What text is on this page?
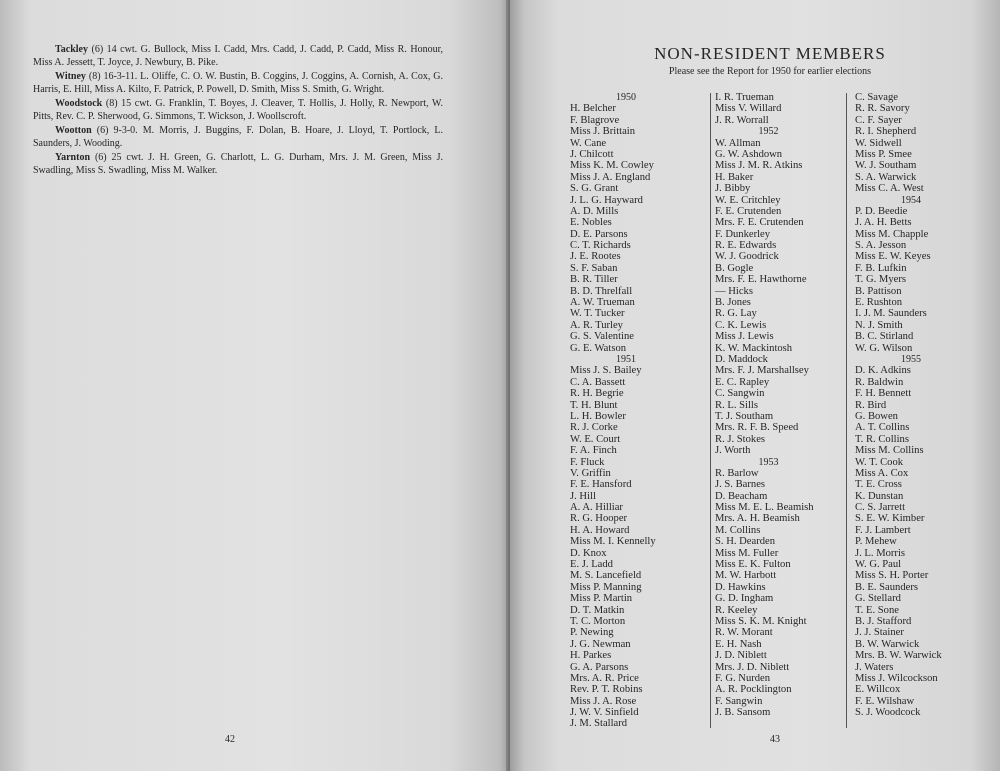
Tackley (6) 14 cwt. G. Bullock, Miss I. Cadd, Mrs. Cadd, J. Cadd, P. Cadd, Miss R. Honour, Miss A. Jessett, T. Joyce, J. Newbury, B. Pike.

Witney (8) 16-3-11. L. Oliffe, C. O. W. Bustin, B. Coggins, J. Coggins, A. Cornish, A. Cox, G. Harris, E. Hill, Miss A. Kilto, F. Patrick, P. Powell, D. Smith, Miss S. Smith, G. Wright.

Woodstock (8) 15 cwt. G. Franklin, T. Boyes, J. Cleaver, T. Hollis, J. Holly, R. Newport, W. Pitts, Rev. C. P. Sherwood, G. Simmons, T. Wickson, J. Woollscroft.

Wootton (6) 9-3-0. M. Morris, J. Buggins, F. Dolan, B. Hoare, J. Lloyd, T. Portlock, L. Saunders, J. Wooding.

Yarnton (6) 25 cwt. J. H. Green, G. Charlott, L. G. Durham, Mrs. J. M. Green, Miss J. Swadling, Miss S. Swadling, Miss M. Walker.

42
NON-RESIDENT MEMBERS
Please see the Report for 1950 for earlier elections
1950
H. Belcher
F. Blagrove
Miss J. Brittain
W. Cane
J. Chilcott
Miss K. M. Cowley
Miss J. A. England
S. G. Grant
J. L. G. Hayward
A. D. Mills
E. Nobles
D. E. Parsons
C. T. Richards
J. E. Rootes
S. F. Saban
B. R. Tiller
B. D. Threlfall
A. W. Trueman
W. T. Tucker
A. R. Turley
G. S. Valentine
G. E. Watson
1951
Miss J. S. Bailey
C. A. Bassett
R. H. Begrie
T. H. Blunt
L. H. Bowler
R. J. Corke
W. E. Court
F. A. Finch
F. Fluck
V. Griffin
F. E. Hansford
J. Hill
A. A. Hilliar
R. G. Hooper
H. A. Howard
Miss M. I. Kennelly
D. Knox
E. J. Ladd
M. S. Lancefield
Miss P. Manning
Miss P. Martin
D. T. Matkin
T. C. Morton
P. Newing
J. G. Newman
H. Parkes
G. A. Parsons
Mrs. A. R. Price
Rev. P. T. Robins
Miss J. A. Rose
J. W. V. Sinfield
J. M. Stallard
I. R. Trueman
Miss V. Willard
J. R. Worrall
1952
W. Allman
G. W. Ashdown
Miss J. M. R. Atkins
H. Baker
J. Bibby
W. E. Critchley
F. E. Crutenden
Mrs. F. E. Crutenden
F. Dunkerley
R. E. Edwards
W. J. Goodrick
B. Gogle
Mrs. F. E. Hawthorne
— Hicks
B. Jones
R. G. Lay
C. K. Lewis
Miss J. Lewis
K. W. Mackintosh
D. Maddock
Mrs. F. J. Marshallsey
E. C. Rapley
C. Sangwin
R. L. Sills
T. J. Southam
Mrs. R. F. B. Speed
R. J. Stokes
J. Worth
1953
R. Barlow
J. S. Barnes
D. Beacham
Miss M. E. L. Beamish
Mrs. A. H. Beamish
M. Collins
S. H. Dearden
Miss M. Fuller
Miss E. K. Fulton
M. W. Harbott
D. Hawkins
G. D. Ingham
R. Keeley
Miss S. K. M. Knight
R. W. Morant
E. H. Nash
J. D. Niblett
Mrs. J. D. Niblett
F. G. Nurden
A. R. Pocklington
F. Sangwin
J. B. Sansom
C. Savage
R. R. Savory
C. F. Sayer
R. I. Shepherd
W. Sidwell
Miss P. Smee
W. J. Southam
S. A. Warwick
Miss C. A. West
1954
P. D. Beedie
J. A. H. Betts
Miss M. Chapple
S. A. Jesson
Miss E. W. Keyes
F. B. Lufkin
T. G. Myers
B. Pattison
E. Rushton
I. J. M. Saunders
N. J. Smith
B. C. Stirland
W. G. Wilson
1955
D. K. Adkins
R. Baldwin
F. H. Bennett
R. Bird
G. Bowen
A. T. Collins
T. R. Collins
Miss M. Collins
W. T. Cook
Miss A. Cox
T. E. Cross
K. Dunstan
C. S. Jarrett
S. E. W. Kimber
F. J. Lambert
P. Mehew
J. L. Morris
W. G. Paul
Miss S. H. Porter
B. E. Saunders
G. Stellard
T. E. Sone
B. J. Stafford
J. J. Stainer
B. W. Warwick
Mrs. B. W. Warwick
J. Waters
Miss J. Wilcockson
E. Willcox
F. E. Wilshaw
S. J. Woodcock
43
